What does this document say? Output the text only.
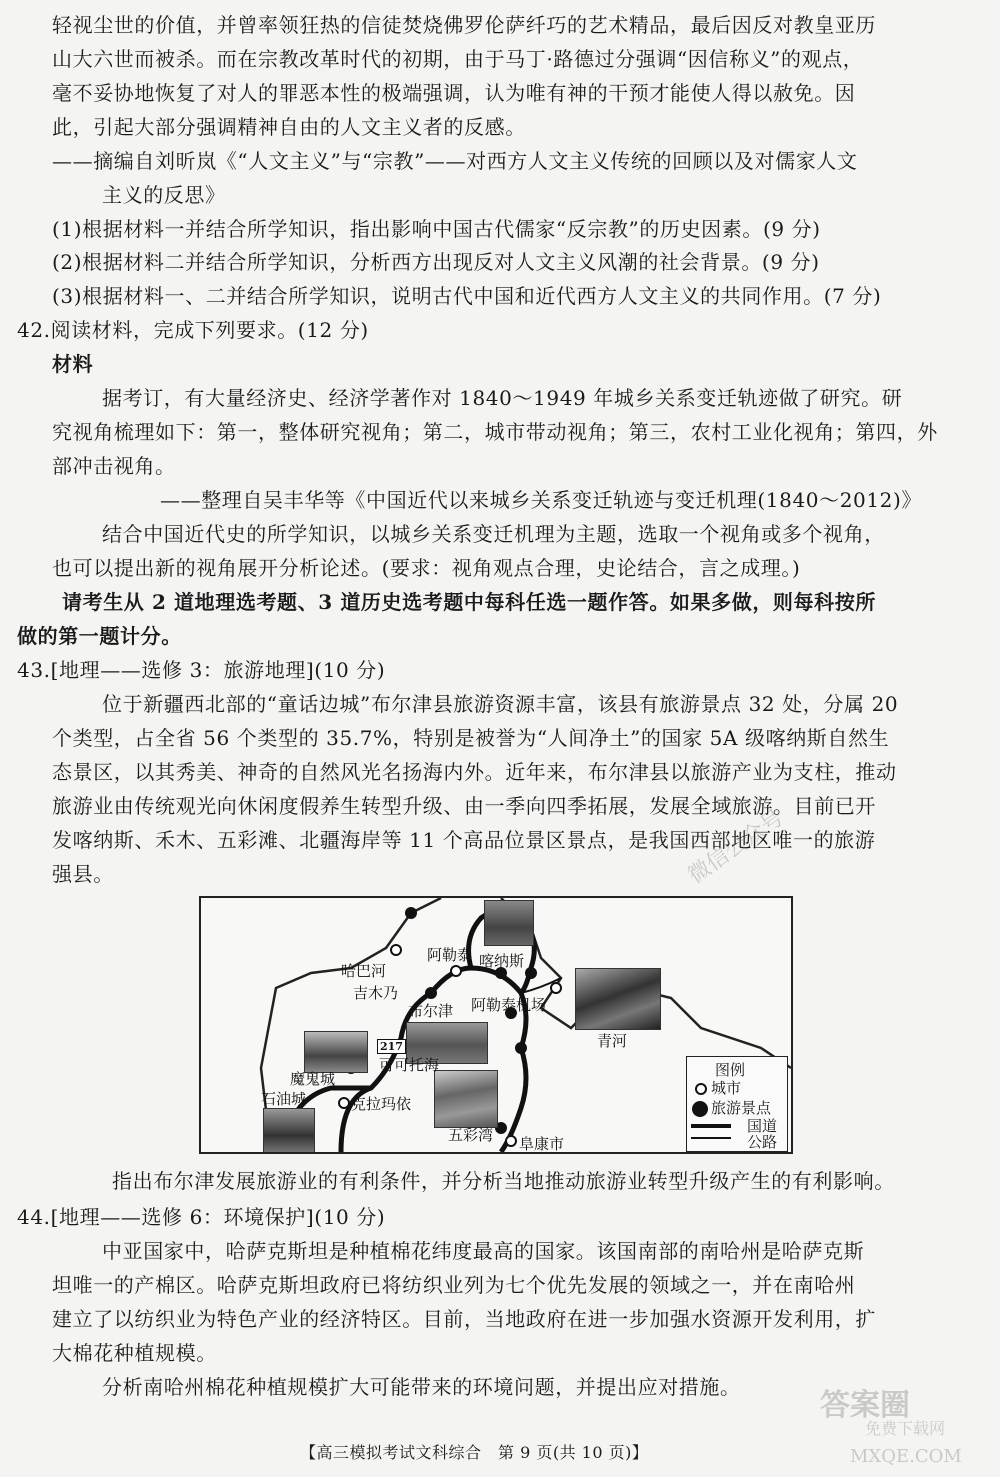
轻视尘世的价值，并曾率领狂热的信徒焚烧佛罗伦萨纤巧的艺术精品，最后因反对教皇亚历
山大六世而被杀。而在宗教改革时代的初期，由于马丁·路德过分强调“因信称义”的观点，
毫不妥协地恢复了对人的罪恶本性的极端强调，认为唯有神的干预才能使人得以赦免。因
此，引起大部分强调精神自由的人文主义者的反感。
——摘编自刘昕岚《“人文主义”与“宗教”——对西方人文主义传统的回顾以及对儒家人文
主义的反思》
(1)根据材料一并结合所学知识，指出影响中国古代儒家“反宗教”的历史因素。(9 分)
(2)根据材料二并结合所学知识，分析西方出现反对人文主义风潮的社会背景。(9 分)
(3)根据材料一、二并结合所学知识，说明古代中国和近代西方人文主义的共同作用。(7 分)
42.阅读材料，完成下列要求。(12 分)
材料
据考订，有大量经济史、经济学著作对 1840～1949 年城乡关系变迁轨迹做了研究。研
究视角梳理如下：第一，整体研究视角；第二，城市带动视角；第三，农村工业化视角；第四，外
部冲击视角。
——整理自吴丰华等《中国近代以来城乡关系变迁轨迹与变迁机理(1840～2012)》
结合中国近代史的所学知识，以城乡关系变迁机理为主题，选取一个视角或多个视角，
也可以提出新的视角展开分析论述。(要求：视角观点合理，史论结合，言之成理。)
请考生从 2 道地理选考题、3 道历史选考题中每科任选一题作答。如果多做，则每科按所
做的第一题计分。
43.[地理——选修 3：旅游地理](10 分)
位于新疆西北部的“童话边城”布尔津县旅游资源丰富，该县有旅游景点 32 处，分属 20
个类型，占全省 56 个类型的 35.7%，特别是被誉为“人间净土”的国家 5A 级喀纳斯自然生
态景区，以其秀美、神奇的自然风光名扬海内外。近年来，布尔津县以旅游产业为支柱，推动
旅游业由传统观光向休闲度假养生转型升级、由一季向四季拓展，发展全域旅游。目前已开
发喀纳斯、禾木、五彩滩、北疆海岸等 11 个高品位景区景点，是我国西部地区唯一的旅游
强县。
阿勒泰 喀纳斯
哈巴河
吉木乃
布尔津 阿勒泰机场
青河
217
可可托海
魔鬼城
石油城	克拉玛依
五彩湾 阜康市
图例
城市
旅游景点
国道
公路
指出布尔津发展旅游业的有利条件，并分析当地推动旅游业转型升级产生的有利影响。
44.[地理——选修 6：环境保护](10 分)
中亚国家中，哈萨克斯坦是种植棉花纬度最高的国家。该国南部的南哈州是哈萨克斯
坦唯一的产棉区。哈萨克斯坦政府已将纺织业列为七个优先发展的领域之一，并在南哈州
建立了以纺织业为特色产业的经济特区。目前，当地政府在进一步加强水资源开发利用，扩
大棉花种植规模。
分析南哈州棉花种植规模扩大可能带来的环境问题，并提出应对措施。
【高三模拟考试文科综合　第 9 页(共 10 页)】
微信公众号
答案圈
免费下载网
MXQE.COM
